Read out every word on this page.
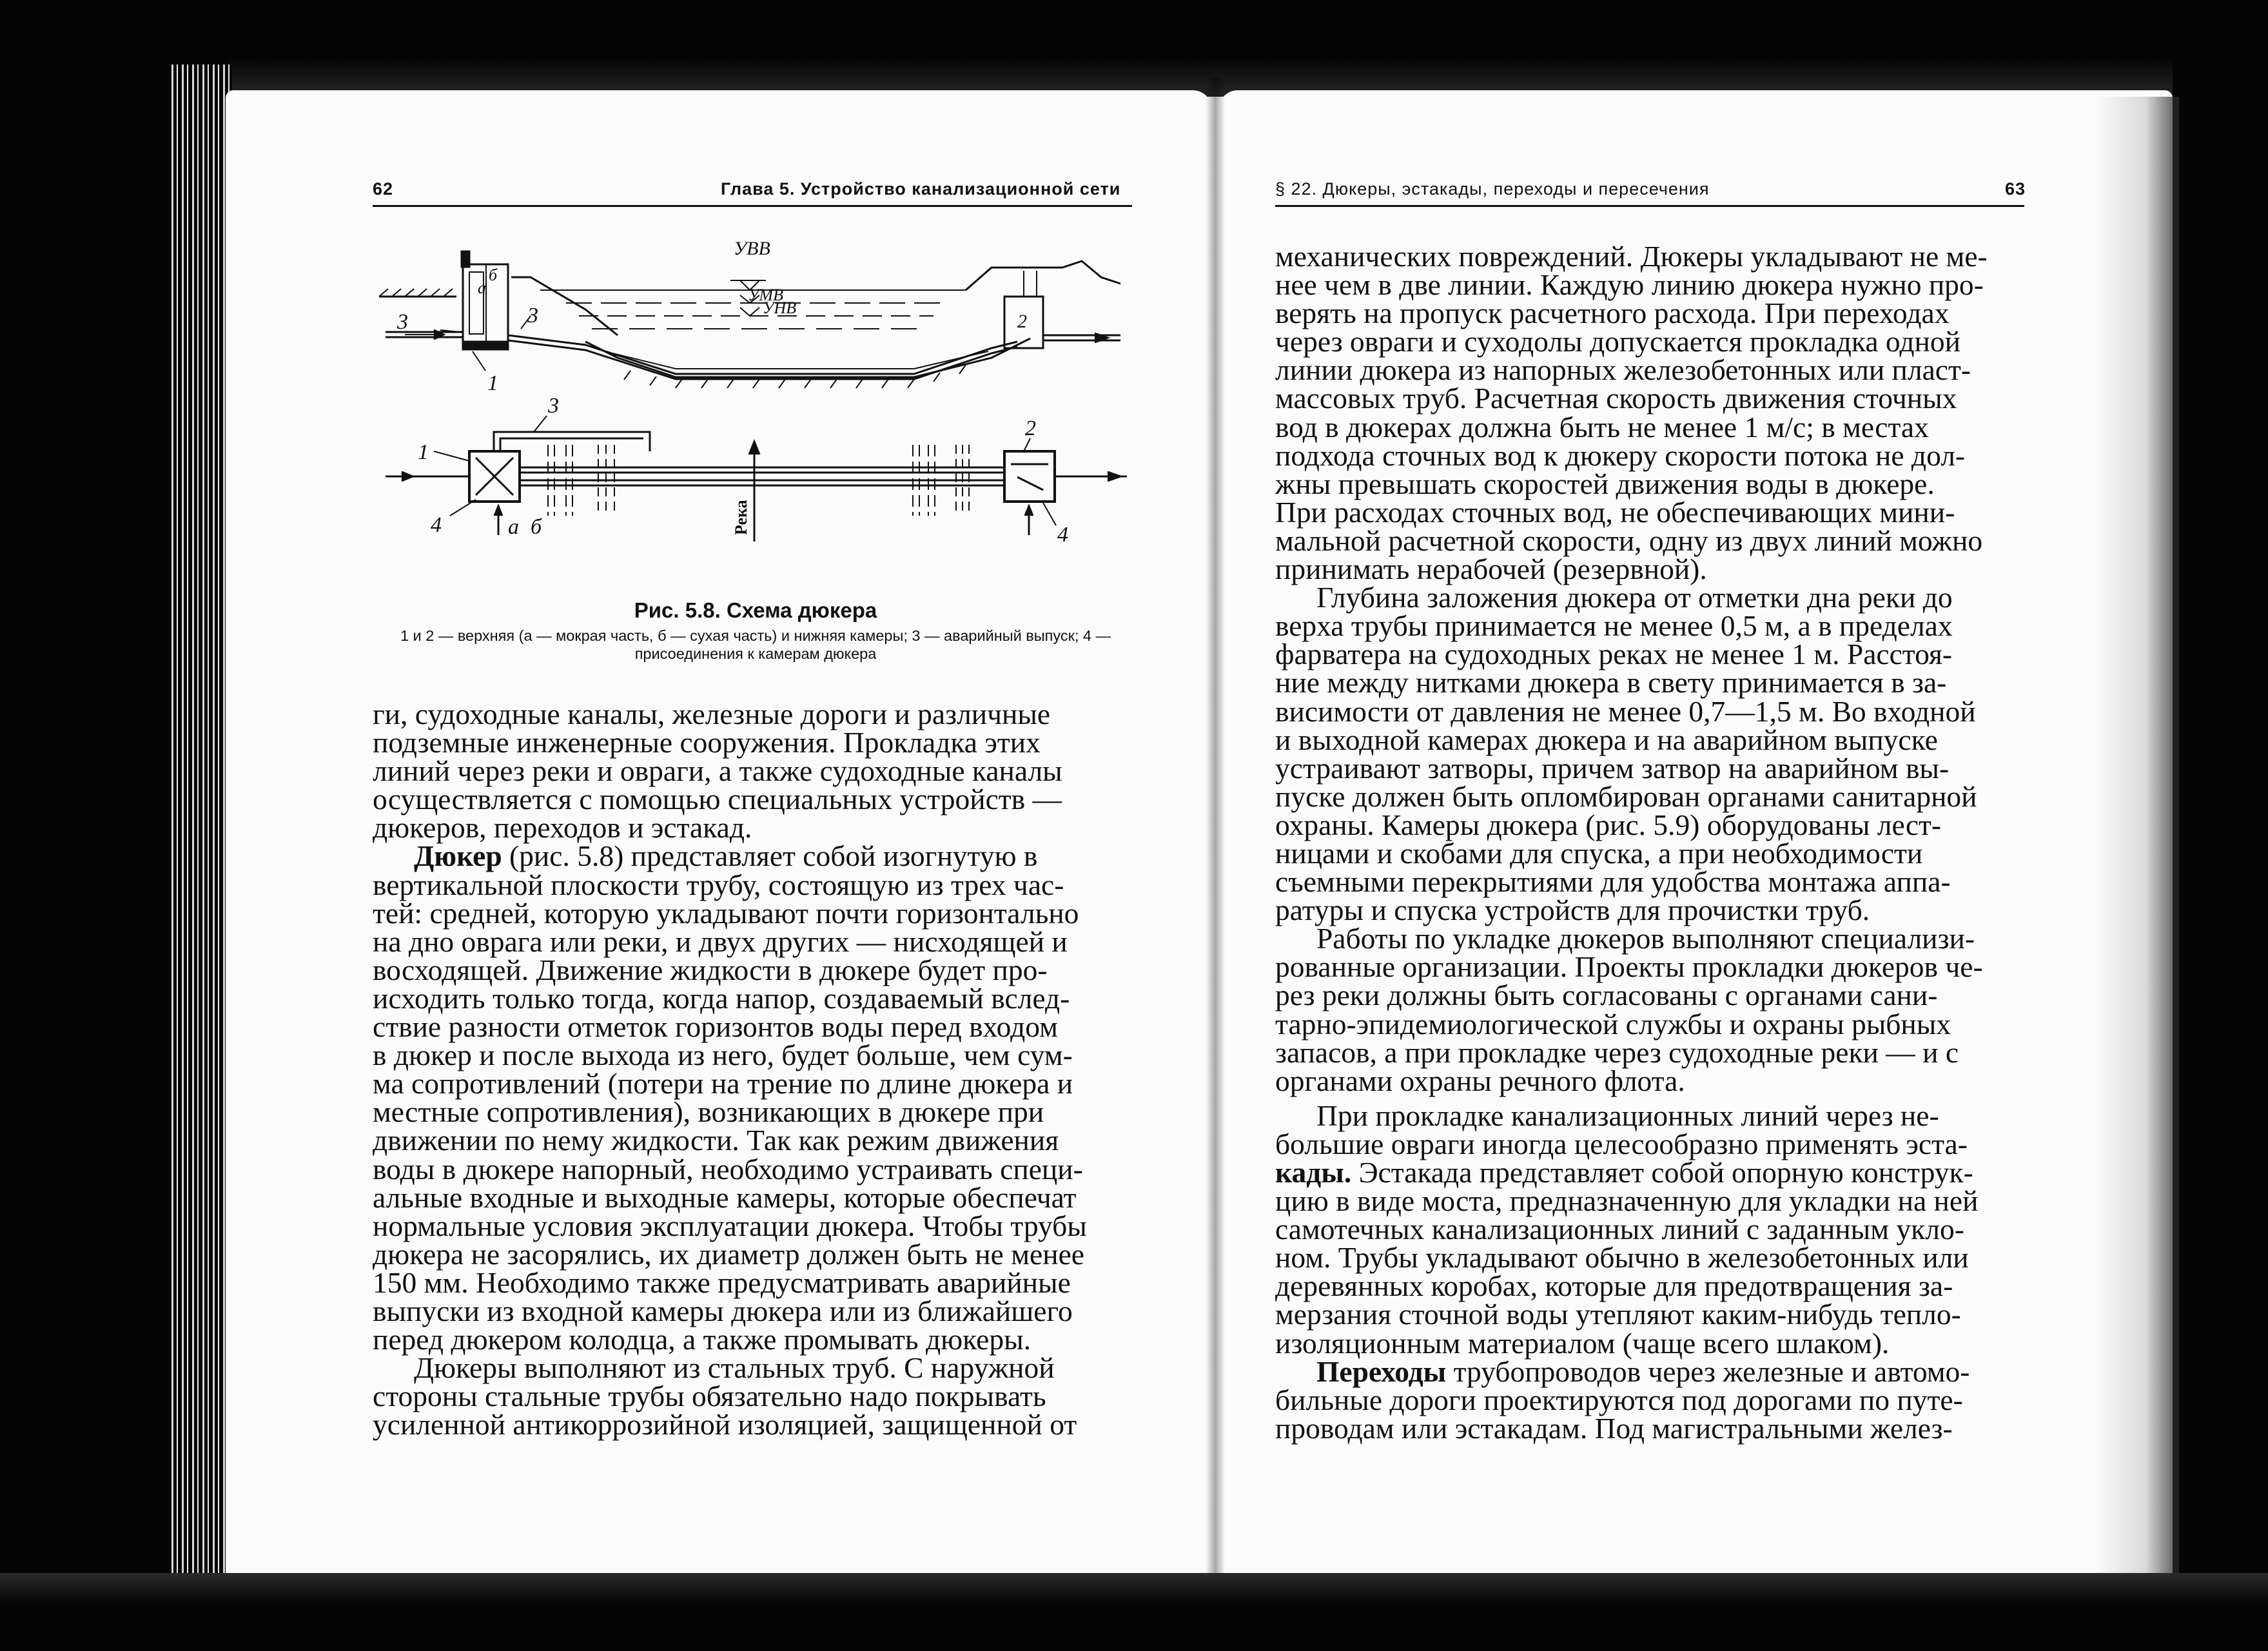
62	Глава 5. Устройство канализационной сети
УВВ
УМВ
УНВ
3	3
1
2
а
б
3
1
2
4	4
а б	Река
Рис. 5.8. Схема дюкера
1 и 2 — верхняя (а — мокрая часть, б — сухая часть) и нижняя камеры; 3 — аварийный выпуск; 4 — присоединения к камерам дюкера

ги, судоходные каналы, железные дороги и различные

подземные инженерные сооружения. Прокладка этих

линий через реки и овраги, а также судоходные каналы

осуществляется с помощью специальных устройств —

дюкеров, переходов и эстакад.

Дюкер (рис. 5.8) представляет собой изогнутую в

вертикальной плоскости трубу, состоящую из трех час-

тей: средней, которую укладывают почти горизонтально

на дно оврага или реки, и двух других — нисходящей и

восходящей. Движение жидкости в дюкере будет про-

исходить только тогда, когда напор, создаваемый вслед-

ствие разности отметок горизонтов воды перед входом

в дюкер и после выхода из него, будет больше, чем сум-

ма сопротивлений (потери на трение по длине дюкера и

местные сопротивления), возникающих в дюкере при

движении по нему жидкости. Так как режим движения

воды в дюкере напорный, необходимо устраивать специ-

альные входные и выходные камеры, которые обеспечат

нормальные условия эксплуатации дюкера. Чтобы трубы

дюкера не засорялись, их диаметр должен быть не менее

150 мм. Необходимо также предусматривать аварийные

выпуски из входной камеры дюкера или из ближайшего

перед дюкером колодца, а также промывать дюкеры.

Дюкеры выполняют из стальных труб. С наружной

стороны стальные трубы обязательно надо покрывать

усиленной антикоррозийной изоляцией, защищенной от

§ 22. Дюкеры, эстакады, переходы и пересечения	63

механических повреждений. Дюкеры укладывают не ме-

нее чем в две линии. Каждую линию дюкера нужно про-

верять на пропуск расчетного расхода. При переходах

через овраги и суходолы допускается прокладка одной

линии дюкера из напорных железобетонных или пласт-

массовых труб. Расчетная скорость движения сточных

вод в дюкерах должна быть не менее 1 м/с; в местах

подхода сточных вод к дюкеру скорости потока не дол-

жны превышать скоростей движения воды в дюкере.

При расходах сточных вод, не обеспечивающих мини-

мальной расчетной скорости, одну из двух линий можно

принимать нерабочей (резервной).

Глубина заложения дюкера от отметки дна реки до

верха трубы принимается не менее 0,5 м, а в пределах

фарватера на судоходных реках не менее 1 м. Расстоя-

ние между нитками дюкера в свету принимается в за-

висимости от давления не менее 0,7—1,5 м. Во входной

и выходной камерах дюкера и на аварийном выпуске

устраивают затворы, причем затвор на аварийном вы-

пуске должен быть опломбирован органами санитарной

охраны. Камеры дюкера (рис. 5.9) оборудованы лест-

ницами и скобами для спуска, а при необходимости

съемными перекрытиями для удобства монтажа аппа-

ратуры и спуска устройств для прочистки труб.

Работы по укладке дюкеров выполняют специализи-

рованные организации. Проекты прокладки дюкеров че-

рез реки должны быть согласованы с органами сани-

тарно-эпидемиологической службы и охраны рыбных

запасов, а при прокладке через судоходные реки — и с

органами охраны речного флота.

При прокладке канализационных линий через не-

большие овраги иногда целесообразно применять эста-

кады. Эстакада представляет собой опорную конструк-

цию в виде моста, предназначенную для укладки на ней

самотечных канализационных линий с заданным укло-

ном. Трубы укладывают обычно в железобетонных или

деревянных коробах, которые для предотвращения за-

мерзания сточной воды утепляют каким-нибудь тепло-

изоляционным материалом (чаще всего шлаком).

Переходы трубопроводов через железные и автомо-

бильные дороги проектируются под дорогами по путе-

проводам или эстакадам. Под магистральными желез-
